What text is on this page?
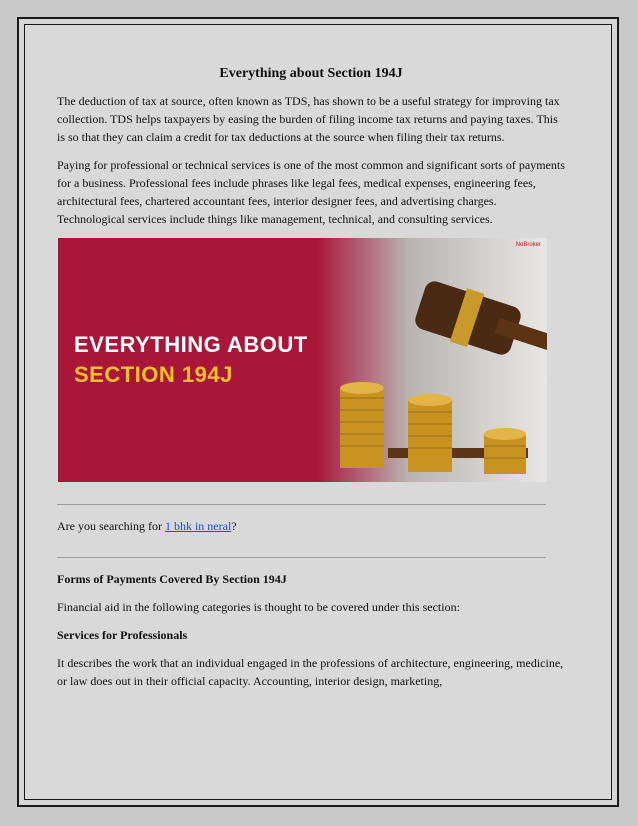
Everything about Section 194J

The deduction of tax at source, often known as TDS, has shown to be a useful strategy for improving tax collection. TDS helps taxpayers by easing the burden of filing income tax returns and paying taxes. This is so that they can claim a credit for tax deductions at the source when filing their tax returns.

Paying for professional or technical services is one of the most common and significant sorts of payments for a business. Professional fees include phrases like legal fees, medical expenses, engineering fees, architectural fees, chartered accountant fees, interior designer fees, and advertising charges. Technological services include things like management, technical, and consulting services.

NoBroker
EVERYTHING ABOUT
SECTION 194J

Are you searching for 1 bhk in neral?

Forms of Payments Covered By Section 194J

Financial aid in the following categories is thought to be covered under this section:

Services for Professionals

It describes the work that an individual engaged in the professions of architecture, engineering, medicine, or law does out in their official capacity. Accounting, interior design, marketing,
